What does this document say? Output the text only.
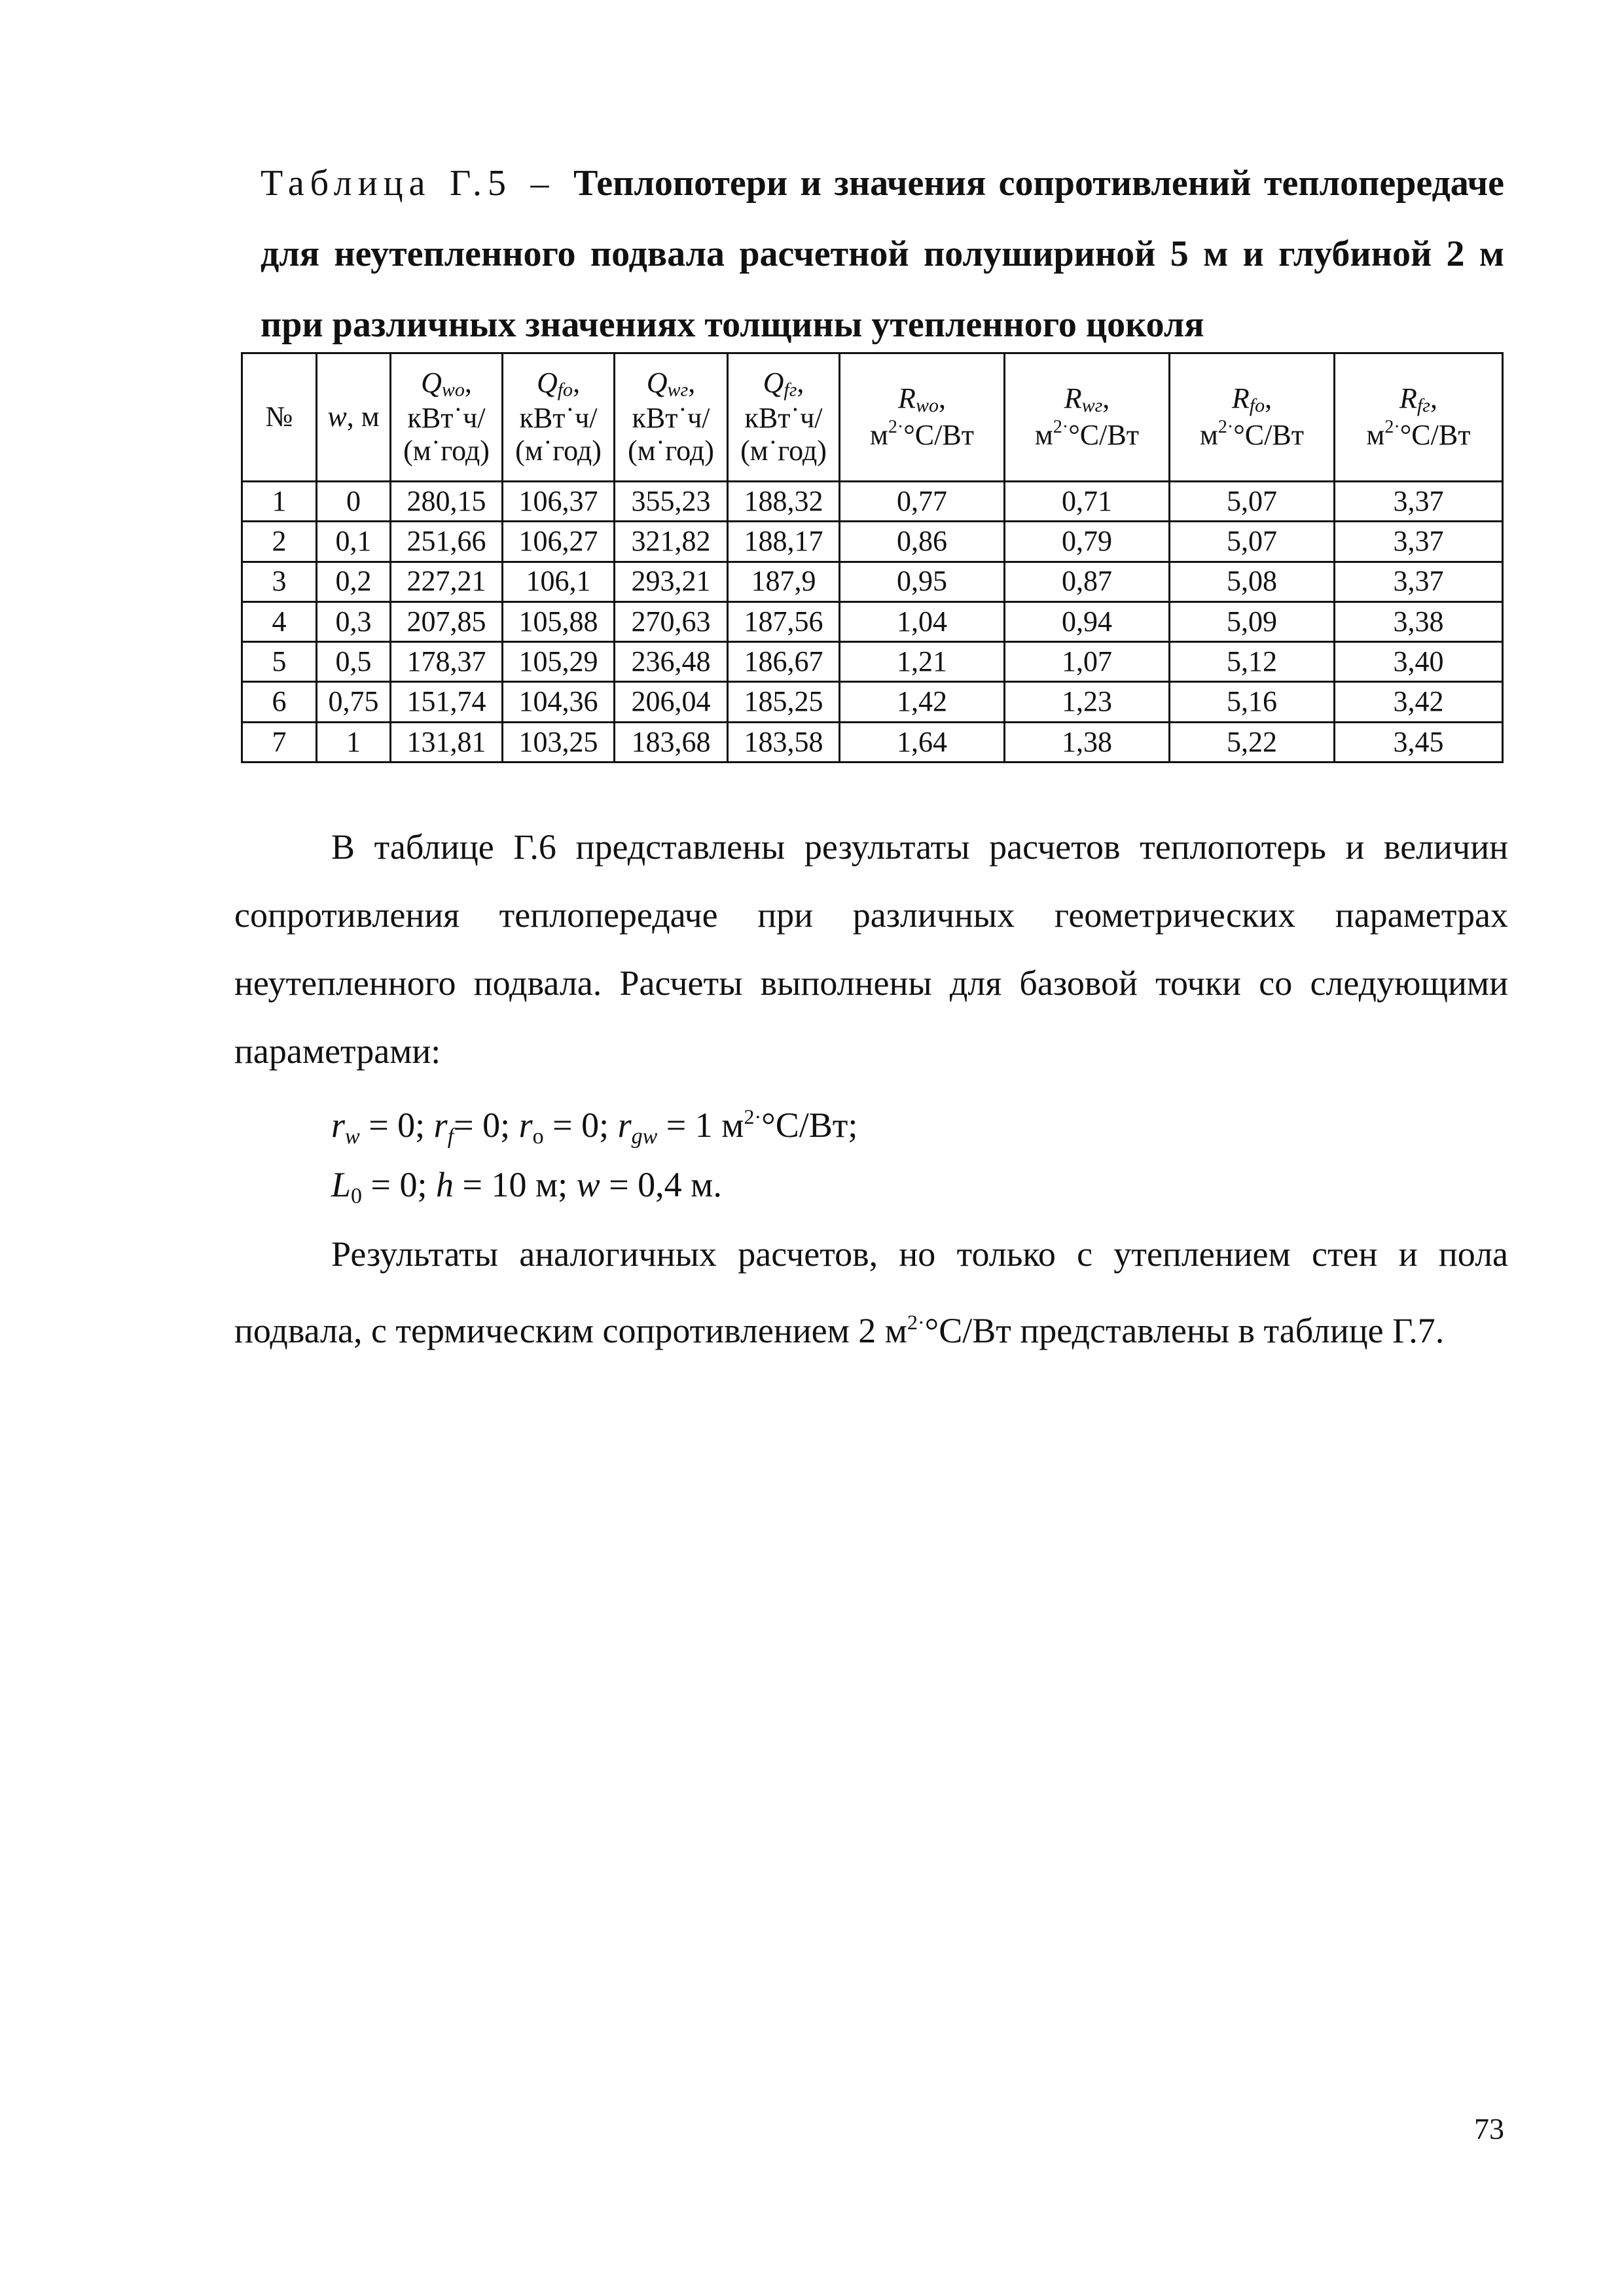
Таблица Г.5 – Теплопотери и значения сопротивлений теплопередаче для неутепленного подвала расчетной полушириной 5 м и глубиной 2 м при различных значениях толщины утепленного цоколя
№	w, м	$Q_{wo}$,
кВт˙ч/
(м˙год)	$Q_{fo}$,
кВт˙ч/
(м˙год)	$Q_{wг}$,
кВт˙ч/
(м˙год)	$Q_{fг}$,
кВт˙ч/
(м˙год)	$R_{wo}$,
$м^{2\cdot}^\circ С/Вт$	$R_{wг}$,
$м^{2\cdot}^\circ С/Вт$	$R_{fo}$,
$м^{2\cdot}^\circ С/Вт$	$R_{fг}$,
$м^{2\cdot}^\circ С/Вт$

1	0	280,15	106,37	355,23	188,32	0,77	0,71	5,07	3,37
2	0,1	251,66	106,27	321,82	188,17	0,86	0,79	5,07	3,37
3	0,2	227,21	106,1	293,21	187,9	0,95	0,87	5,08	3,37
4	0,3	207,85	105,88	270,63	187,56	1,04	0,94	5,09	3,38
5	0,5	178,37	105,29	236,48	186,67	1,21	1,07	5,12	3,40
6	0,75	151,74	104,36	206,04	185,25	1,42	1,23	5,16	3,42
7	1	131,81	103,25	183,68	183,58	1,64	1,38	5,22	3,45

В таблице Г.6 представлены результаты расчетов теплопотерь и величин сопротивления теплопередаче при различных геометрических параметрах неутепленного подвала. Расчеты выполнены для базовой точки со следующими параметрами:

rw = 0; rf= 0; ro = 0; rgw = 1 $м^{2\cdot}^\circ С/Вт$;
L0 = 0; h = 10 м; w = 0,4 м.

Результаты аналогичных расчетов, но только с утеплением стен и пола подвала, с термическим сопротивлением 2 $м^{2\cdot}^\circ С/Вт$ представлены в таблице Г.7.

73
